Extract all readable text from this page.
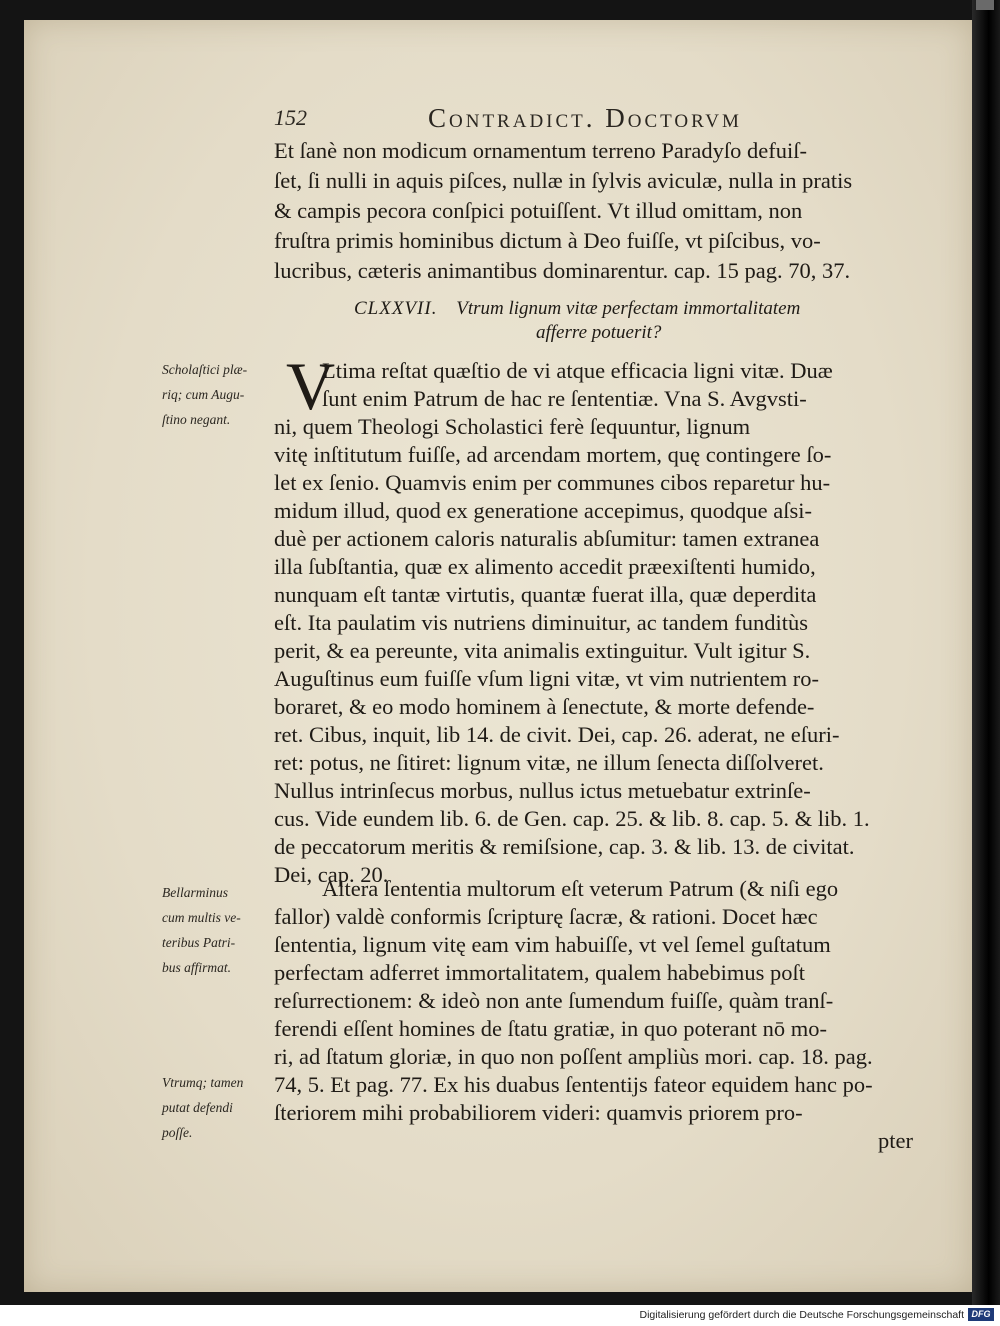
152	Contradict. Doctorvm
Et ſanè non modicum ornamentum terreno Paradyſo defuiſ-
ſet, ſi nulli in aquis piſces, nullæ in ſylvis aviculæ, nulla in pratis
& campis pecora conſpici potuiſſent. Vt illud omittam, non
fruſtra primis hominibus dictum à Deo fuiſſe, vt piſcibus, vo-
lucribus, cæteris animantibus dominarentur. cap. 15 pag. 70, 37.
CLXXVII. Vtrum lignum vitæ perfectam immortalitatem
afferre potuerit?
V
Ltima reſtat quæſtio de vi atque efficacia ligni vitæ. Duæ
ſunt enim Patrum de hac re ſententiæ. Vna S. Avgvsti-
ni, quem Theologi Scholastici ferè ſequuntur, lignum
vitę inſtitutum fuiſſe, ad arcendam mortem, quę contingere ſo-
let ex ſenio. Quamvis enim per communes cibos reparetur hu-
midum illud, quod ex generatione accepimus, quodque aſsi-
duè per actionem caloris naturalis abſumitur: tamen extranea
illa ſubſtantia, quæ ex alimento accedit præexiſtenti humido,
nunquam eſt tantæ virtutis, quantæ fuerat illa, quæ deperdita
eſt. Ita paulatim vis nutriens diminuitur, ac tandem funditùs
perit, & ea pereunte, vita animalis extinguitur. Vult igitur S.
Auguſtinus eum fuiſſe vſum ligni vitæ, vt vim nutrientem ro-
boraret, & eo modo hominem à ſenectute, & morte defende-
ret. Cibus, inquit, lib 14. de civit. Dei, cap. 26. aderat, ne eſuri-
ret: potus, ne ſitiret: lignum vitæ, ne illum ſenecta diſſolveret.
Nullus intrinſecus morbus, nullus ictus metuebatur extrinſe-
cus. Vide eundem lib. 6. de Gen. cap. 25. & lib. 8. cap. 5. & lib. 1.
de peccatorum meritis & remiſsione, cap. 3. & lib. 13. de civitat.
Dei, cap. 20.
Altera ſententia multorum eſt veterum Patrum (& niſi ego
fallor) valdè conformis ſcripturę ſacræ, & rationi. Docet hæc
ſententia, lignum vitę eam vim habuiſſe, vt vel ſemel guſtatum
perfectam adferret immortalitatem, qualem habebimus poſt
reſurrectionem: & ideò non ante ſumendum fuiſſe, quàm tranſ-
ferendi eſſent homines de ſtatu gratiæ, in quo poterant nō mo-
ri, ad ſtatum gloriæ, in quo non poſſent ampliùs mori. cap. 18. pag.
74, 5. Et pag. 77. Ex his duabus ſententijs fateor equidem hanc po-
ſteriorem mihi probabiliorem videri: quamvis priorem pro-
pter
Scholaſtici plæ-
riq; cum Augu-
ſtino negant.
Bellarminus
cum multis ve-
teribus Patri-
bus affirmat.
Vtrumq; tamen
putat defendi
poſſe.
Digitalisierung gefördert durch die Deutsche Forschungsgemeinschaft DFG
